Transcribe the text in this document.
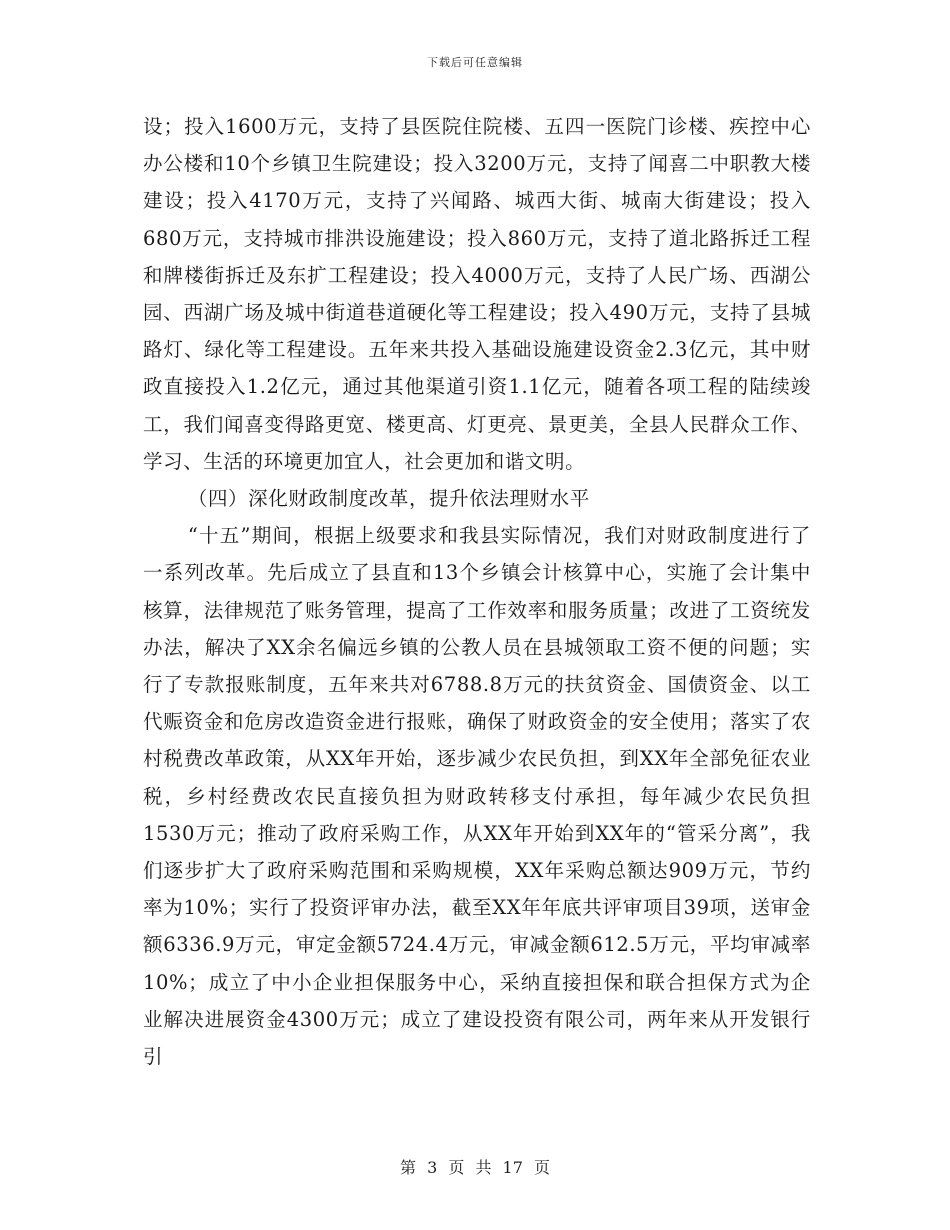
下载后可任意编辑

设；投入1600万元，支持了县医院住院楼、五四一医院门诊楼、疾控中心办公楼和10个乡镇卫生院建设；投入3200万元，支持了闻喜二中职教大楼建设；投入4170万元，支持了兴闻路、城西大街、城南大街建设；投入680万元，支持城市排洪设施建设；投入860万元，支持了道北路拆迁工程和牌楼街拆迁及东扩工程建设；投入4000万元，支持了人民广场、西湖公园、西湖广场及城中街道巷道硬化等工程建设；投入490万元，支持了县城路灯、绿化等工程建设。五年来共投入基础设施建设资金2.3亿元，其中财政直接投入1.2亿元，通过其他渠道引资1.1亿元，随着各项工程的陆续竣工，我们闻喜变得路更宽、楼更高、灯更亮、景更美，全县人民群众工作、学习、生活的环境更加宜人，社会更加和谐文明。

（四）深化财政制度改革，提升依法理财水平

“十五”期间，根据上级要求和我县实际情况，我们对财政制度进行了一系列改革。先后成立了县直和13个乡镇会计核算中心，实施了会计集中核算，法律规范了账务管理，提高了工作效率和服务质量；改进了工资统发办法，解决了XX余名偏远乡镇的公教人员在县城领取工资不便的问题；实行了专款报账制度，五年来共对6788.8万元的扶贫资金、国债资金、以工代赈资金和危房改造资金进行报账，确保了财政资金的安全使用；落实了农村税费改革政策，从XX年开始，逐步减少农民负担，到XX年全部免征农业税，乡村经费改农民直接负担为财政转移支付承担，每年减少农民负担1530万元；推动了政府采购工作，从XX年开始到XX年的“管采分离”，我们逐步扩大了政府采购范围和采购规模，XX年采购总额达909万元，节约率为10%；实行了投资评审办法，截至XX年年底共评审项目39项，送审金额6336.9万元，审定金额5724.4万元，审减金额612.5万元，平均审减率10%；成立了中小企业担保服务中心，采纳直接担保和联合担保方式为企业解决进展资金4300万元；成立了建设投资有限公司，两年来从开发银行引

第 3 页 共 17 页
